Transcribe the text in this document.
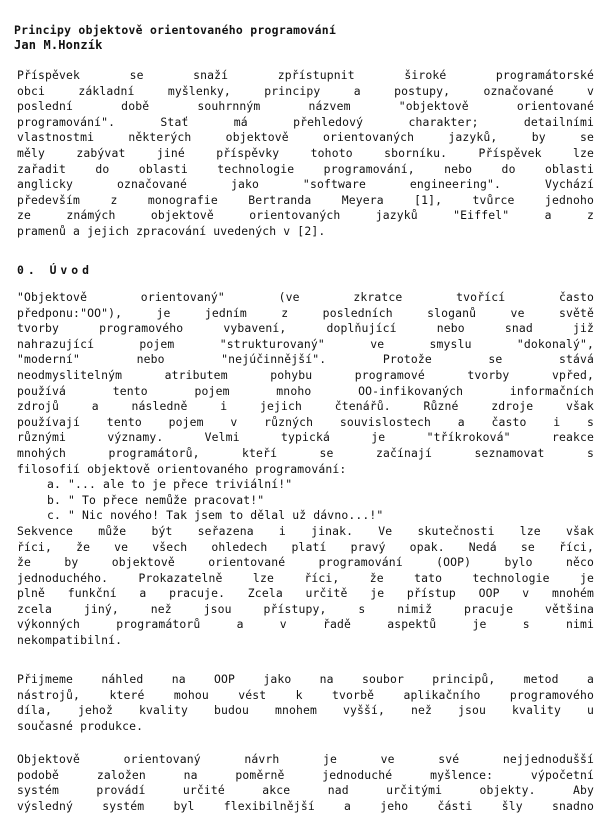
Principy objektově orientovaného programování
Jan M.Honzík
Příspěvek se snaží zpřístupnit široké programátorské
obci základní myšlenky, principy a postupy, označované v
poslední době souhrnným názvem "objektově orientované
programování". Stať má přehledový charakter; detailními
vlastnostmi některých objektově orientovaných jazyků, by se
měly zabývat jiné příspěvky tohoto sborníku. Příspěvek lze
zařadit do oblasti technologie programování, nebo do oblasti
anglicky označované jako "software engineering". Vychází
především z monografie Bertranda Meyera [1], tvůrce jednoho
ze známých objektově orientovaných jazyků "Eiffel" a z
pramenů a jejich zpracování uvedených v [2].
0. Úvod
"Objektově orientovaný" (ve zkratce tvořící často
předponu:"OO"), je jedním z posledních sloganů ve světě
tvorby programového vybavení, doplňující nebo snad již
nahrazující pojem "strukturovaný" ve smyslu "dokonalý",
"moderní" nebo "nejúčinnější". Protože se stává
neodmyslitelným atributem pohybu programové tvorby vpřed,
používá tento pojem mnoho OO-infikovaných informačních
zdrojů a následně i jejich čtenářů. Různé zdroje však
používají tento pojem v různých souvislostech a často i s
různými významy. Velmi typická je "tříkroková" reakce
mnohých programátorů, kteří se začínají seznamovat s
filosofií objektově orientovaného programování:
a. "... ale to je přece triviální!"
b. " To přece nemůže pracovat!"
c. " Nic nového! Tak jsem to dělal už dávno...!"
Sekvence může být seřazena i jinak. Ve skutečnosti lze však
říci, že ve všech ohledech platí pravý opak. Nedá se říci,
že by objektově orientované programování (OOP) bylo něco
jednoduchého. Prokazatelně lze říci, že tato technologie je
plně funkční a pracuje. Zcela určitě je přístup OOP v mnohém
zcela jiný, než jsou přístupy, s nimiž pracuje většina
výkonných programátorů a v řadě aspektů je s nimi
nekompatibilní.
Přijmeme náhled na OOP jako na soubor principů, metod a
nástrojů, které mohou vést k tvorbě aplikačního programového
díla, jehož kvality budou mnohem vyšší, než jsou kvality u
současné produkce.
Objektově orientovaný návrh je ve své nejjednodušší
podobě založen na poměrně jednoduché myšlence: výpočetní
systém provádí určité akce nad určitými objekty. Aby
výsledný systém byl flexibilnější a jeho části šly snadno
